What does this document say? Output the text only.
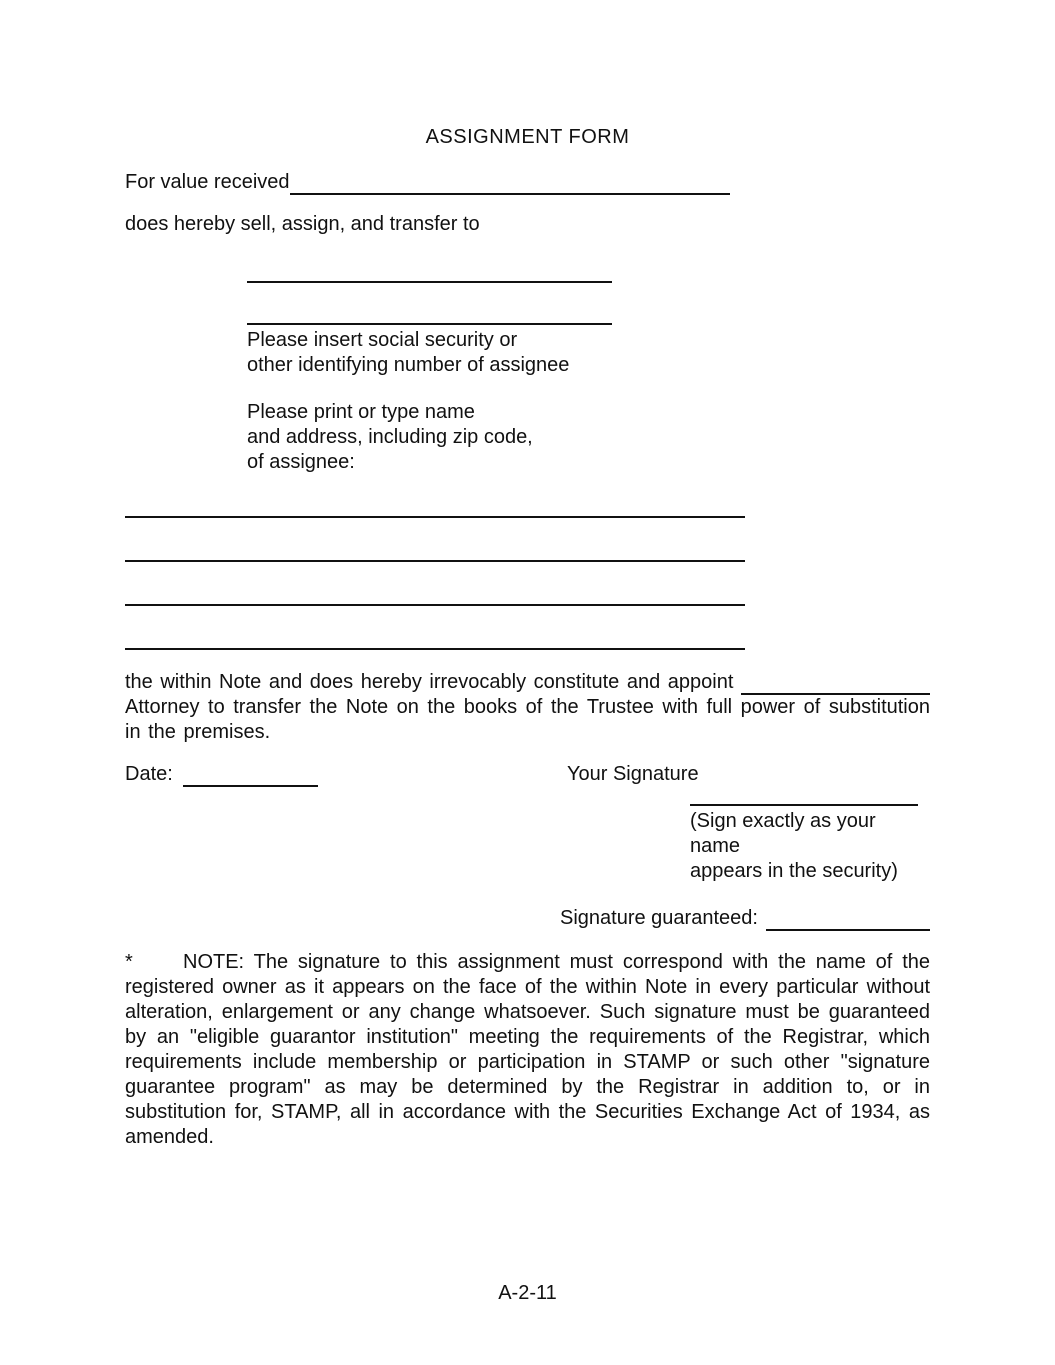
ASSIGNMENT FORM
For value received
does hereby sell, assign, and transfer to
Please insert social security or
other identifying number of assignee
Please print or type name
and address, including zip code,
of assignee:
the within Note and does hereby irrevocably constitute and appoint
Attorney to transfer the Note on the books of the Trustee with full power of substitution in the premises.
Date:	Your Signature
(Sign exactly as your name
appears in the security)
Signature guaranteed:
*	NOTE: The signature to this assignment must correspond with the name of the registered owner as it appears on the face of the within Note in every particular without alteration, enlargement or any change whatsoever. Such signature must be guaranteed by an "eligible guarantor institution" meeting the requirements of the Registrar, which requirements include membership or participation in STAMP or such other "signature guarantee program" as may be determined by the Registrar in addition to, or in substitution for, STAMP, all in accordance with the Securities Exchange Act of 1934, as amended.
A-2-11
